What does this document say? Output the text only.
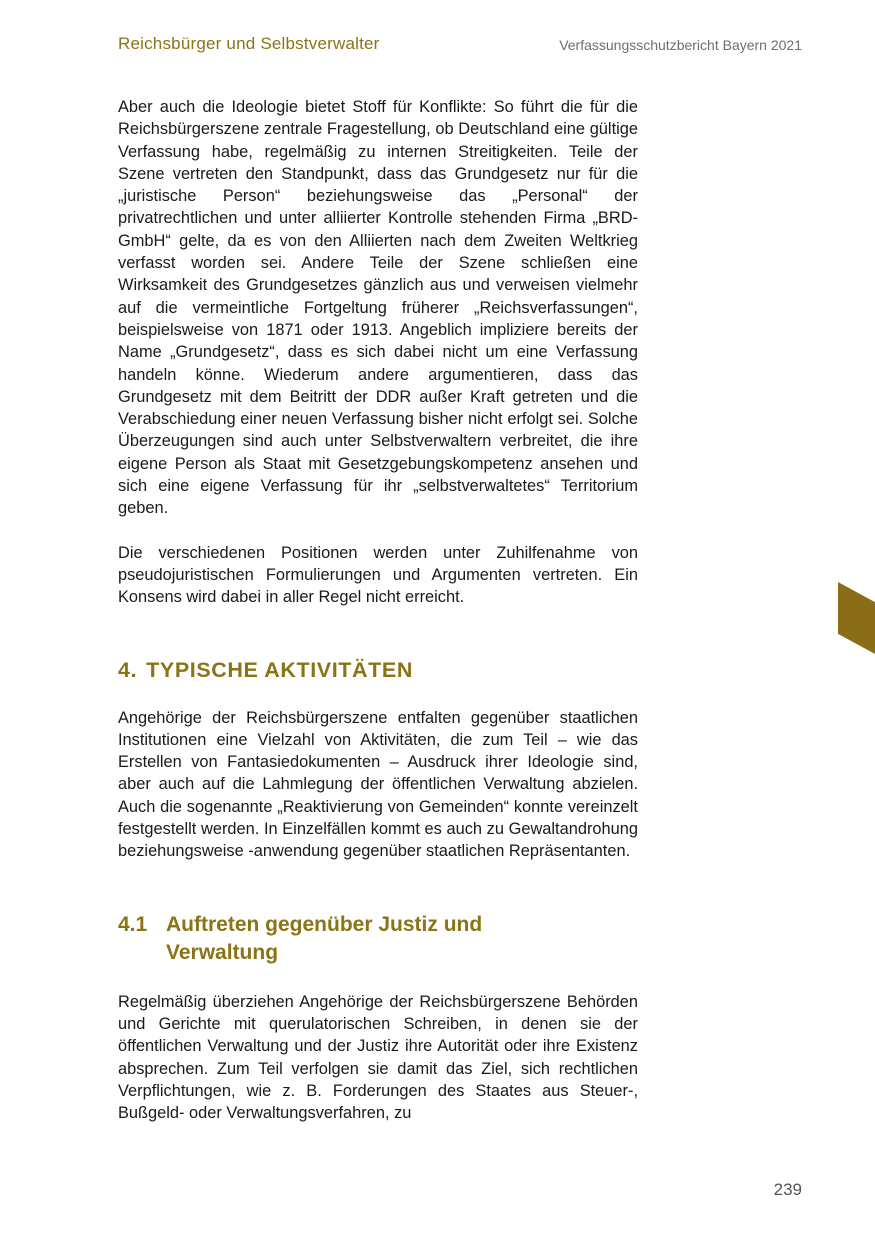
Reichsbürger und Selbstverwalter	Verfassungsschutzbericht Bayern 2021

Aber auch die Ideologie bietet Stoff für Konflikte: So führt die für die Reichsbürgerszene zentrale Fragestellung, ob Deutschland eine gültige Verfassung habe, regelmäßig zu internen Streitigkeiten. Teile der Szene vertreten den Standpunkt, dass das Grundgesetz nur für die „juristische Person“ beziehungsweise das „Personal“ der privatrechtlichen und unter alliierter Kontrolle stehenden Firma „BRD-GmbH“ gelte, da es von den Alliierten nach dem Zweiten Weltkrieg verfasst worden sei. Andere Teile der Szene schließen eine Wirksamkeit des Grundgesetzes gänzlich aus und verweisen vielmehr auf die vermeintliche Fortgeltung früherer „Reichsverfassungen“, beispielsweise von 1871 oder 1913. Angeblich impliziere bereits der Name „Grundgesetz“, dass es sich dabei nicht um eine Verfassung handeln könne. Wiederum andere argumentieren, dass das Grundgesetz mit dem Beitritt der DDR außer Kraft getreten und die Verabschiedung einer neuen Verfassung bisher nicht erfolgt sei. Solche Überzeugungen sind auch unter Selbstverwaltern verbreitet, die ihre eigene Person als Staat mit Gesetzgebungskompetenz ansehen und sich eine eigene Verfassung für ihr „selbstverwaltetes“ Territorium geben.

Die verschiedenen Positionen werden unter Zuhilfenahme von pseudojuristischen Formulierungen und Argumenten vertreten. Ein Konsens wird dabei in aller Regel nicht erreicht.

4. TYPISCHE AKTIVITÄTEN

Angehörige der Reichsbürgerszene entfalten gegenüber staatlichen Institutionen eine Vielzahl von Aktivitäten, die zum Teil – wie das Erstellen von Fantasiedokumenten – Ausdruck ihrer Ideologie sind, aber auch auf die Lahmlegung der öffentlichen Verwaltung abzielen. Auch die sogenannte „Reaktivierung von Gemeinden“ konnte vereinzelt festgestellt werden. In Einzelfällen kommt es auch zu Gewaltandrohung beziehungsweise -anwendung gegenüber staatlichen Repräsentanten.

4.1 Auftreten gegenüber Justiz und
Verwaltung

Regelmäßig überziehen Angehörige der Reichsbürgerszene Behörden und Gerichte mit querulatorischen Schreiben, in denen sie der öffentlichen Verwaltung und der Justiz ihre Autorität oder ihre Existenz absprechen. Zum Teil verfolgen sie damit das Ziel, sich rechtlichen Verpflichtungen, wie z. B. Forderungen des Staates aus Steuer-, Bußgeld- oder Verwaltungsverfahren, zu

239
